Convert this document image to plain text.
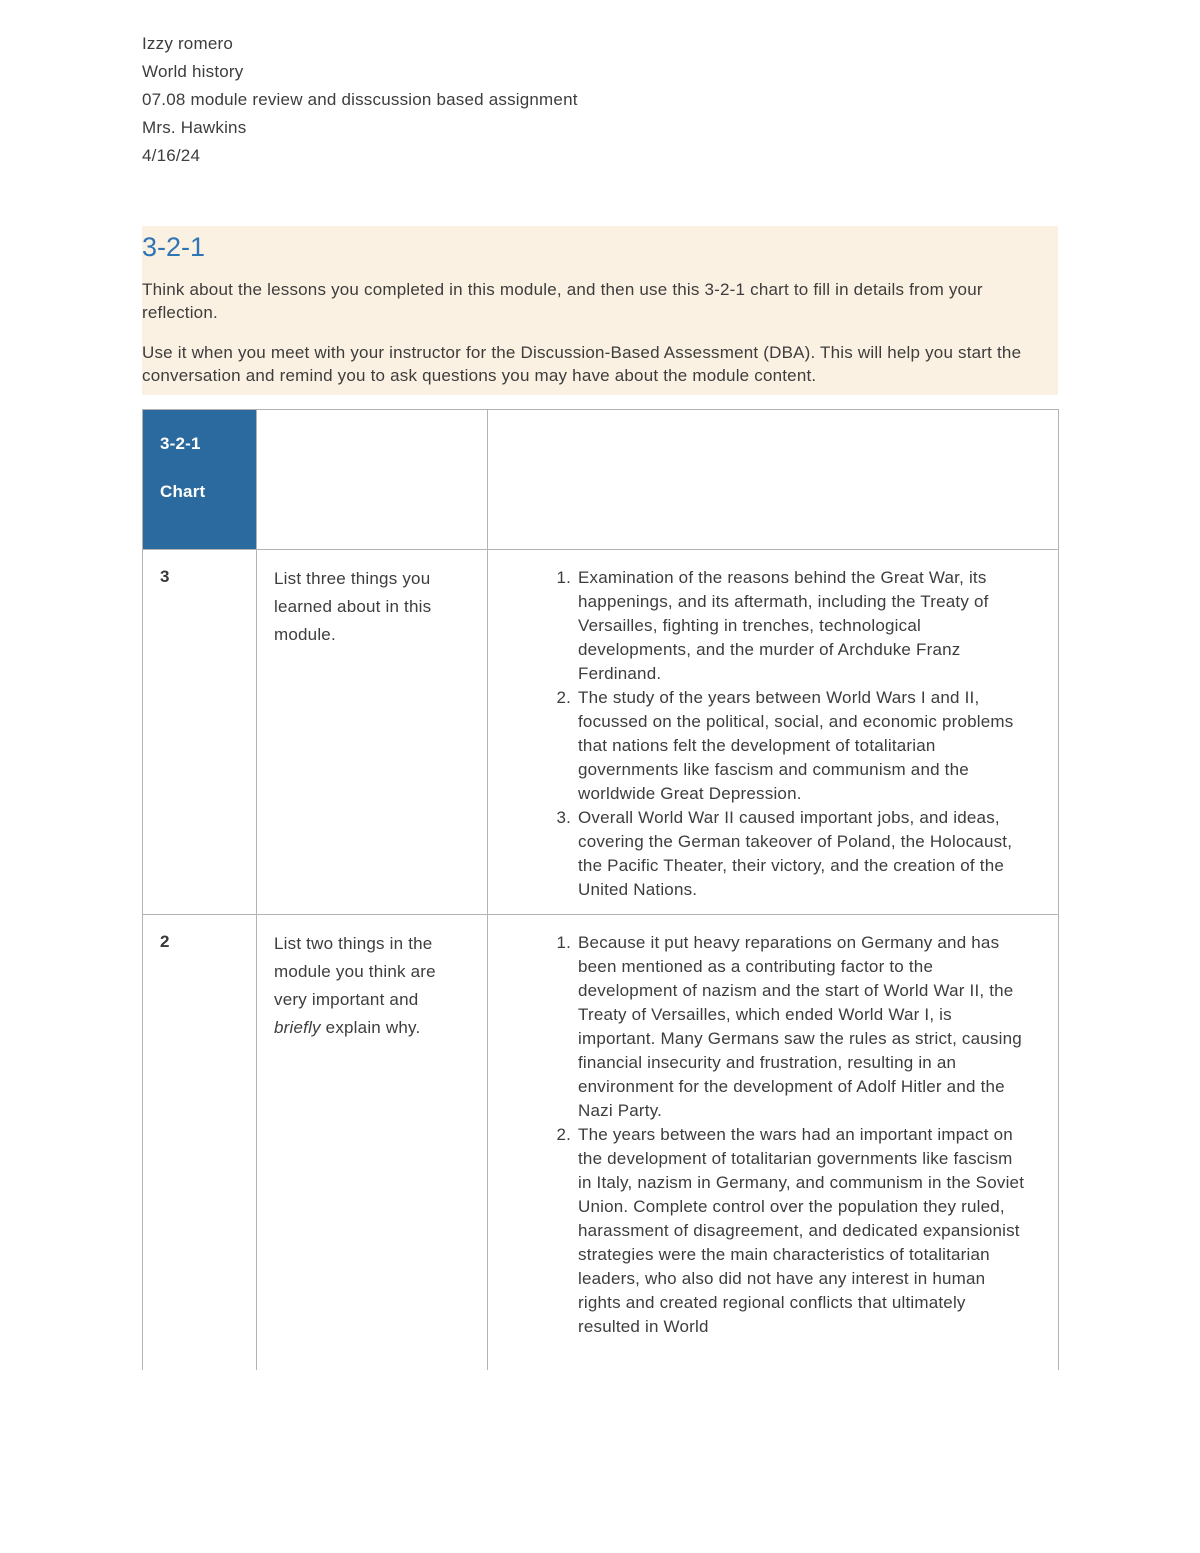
Izzy romero

World history

07.08 module review and disscussion based assignment

Mrs. Hawkins

4/16/24

3-2-1

Think about the lessons you completed in this module, and then use this 3-2-1 chart to fill in details from your reflection.

Use it when you meet with your instructor for the Discussion-Based Assessment (DBA). This will help you start the conversation and remind you to ask questions you may have about the module content.

3-2-1
Chart		

3	List three things you learned about in this module.	
1. Examination of the reasons behind the Great War, its happenings, and its aftermath, including the Treaty of Versailles, fighting in trenches, technological developments, and the murder of Archduke Franz Ferdinand.
2. The study of the years between World Wars I and II, focussed on the political, social, and economic problems that nations felt the development of totalitarian governments like fascism and communism and the worldwide Great Depression.
3. Overall World War II caused important jobs, and ideas, covering the German takeover of Poland, the Holocaust, the Pacific Theater, their victory, and the creation of the United Nations.

2	List two things in the module you think are very important and briefly explain why.	
1. Because it put heavy reparations on Germany and has been mentioned as a contributing factor to the development of nazism and the start of World War II, the Treaty of Versailles, which ended World War I, is important. Many Germans saw the rules as strict, causing financial insecurity and frustration, resulting in an environment for the development of Adolf Hitler and the Nazi Party.
2. The years between the wars had an important impact on the development of totalitarian governments like fascism in Italy, nazism in Germany, and communism in the Soviet Union. Complete control over the population they ruled, harassment of disagreement, and dedicated expansionist strategies were the main characteristics of totalitarian leaders, who also did not have any interest in human rights and created regional conflicts that ultimately resulted in World
